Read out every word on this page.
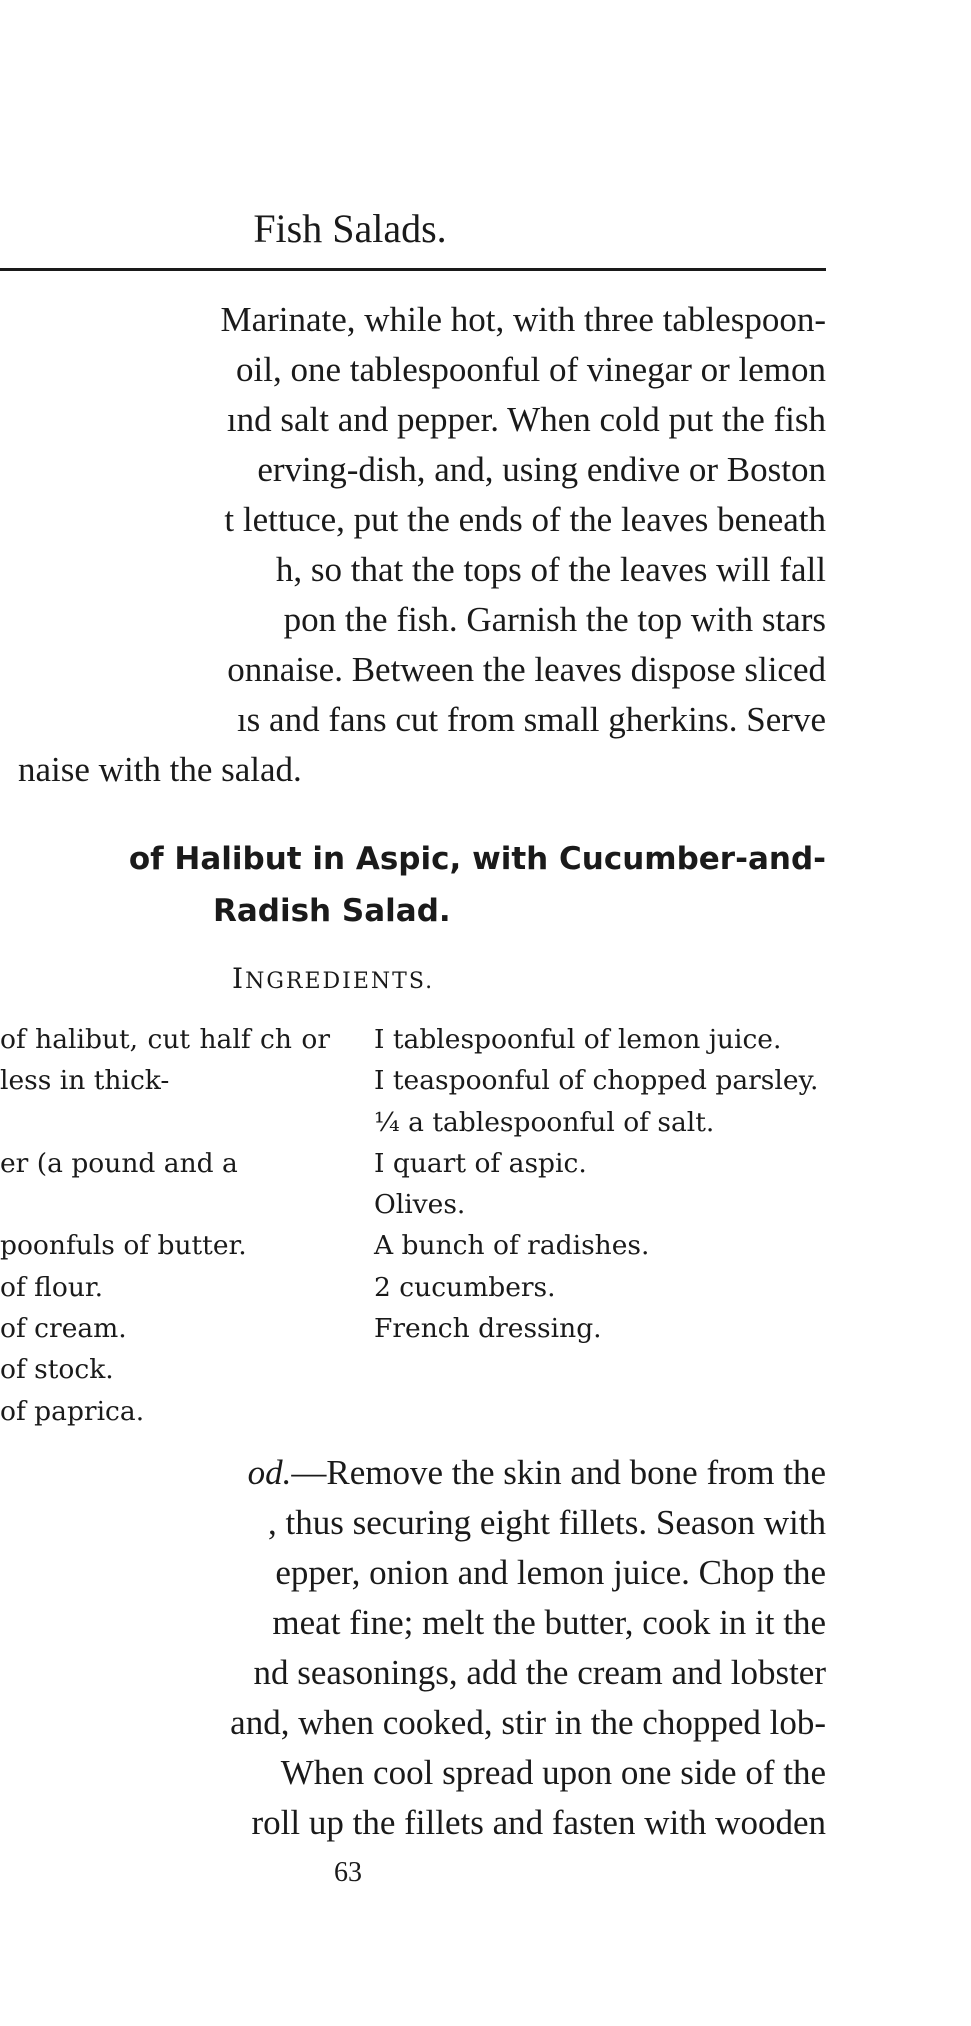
Fish Salads.
Marinate, while hot, with three tablespoon-
oil, one tablespoonful of vinegar or lemon
ınd salt and pepper. When cold put the fish
erving-dish, and, using endive or Boston
t lettuce, put the ends of the leaves beneath
h, so that the tops of the leaves will fall
pon the fish. Garnish the top with stars
onnaise. Between the leaves dispose sliced
ıs and fans cut from small gherkins. Serve
naise with the salad.
of Halibut in Aspic, with Cucumber-and-
Radish Salad.
INGREDIENTS.
of halibut, cut half ch or less in thick-
er (a pound and a
poonfuls of butter.
of flour.
of cream.
of stock.
of paprica.
I tablespoonful of lemon juice.
I teaspoonful of chopped parsley.
¼ a tablespoonful of salt.
I quart of aspic.
Olives.
A bunch of radishes.
2 cucumbers.
French dressing.
od.—Remove the skin and bone from the
, thus securing eight fillets. Season with
epper, onion and lemon juice. Chop the
meat fine; melt the butter, cook in it the
nd seasonings, add the cream and lobster
and, when cooked, stir in the chopped lob-
When cool spread upon one side of the
roll up the fillets and fasten with wooden
63
